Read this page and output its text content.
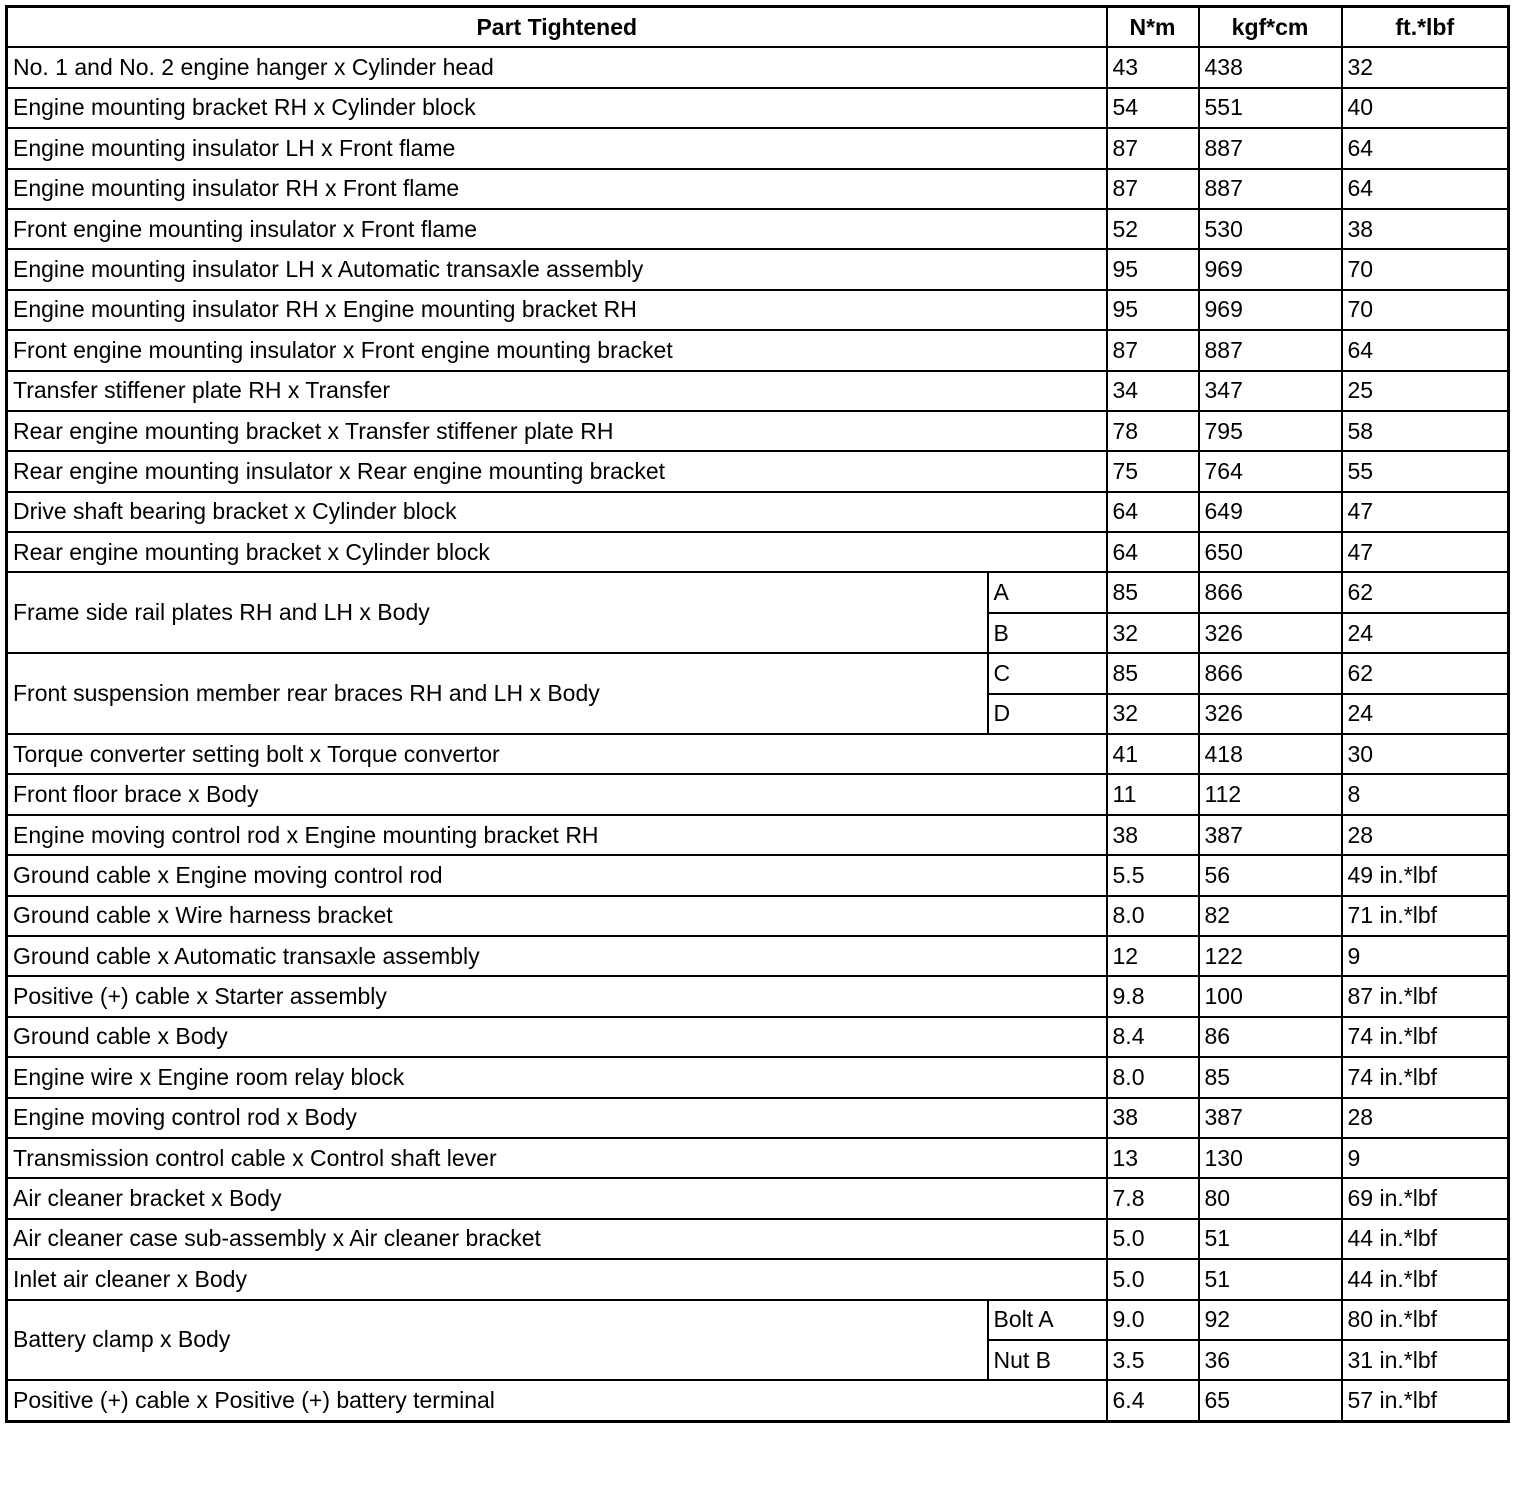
Part Tightened		N*m	kgf*cm	ft.*lbf
No. 1 and No. 2 engine hanger x Cylinder head		43	438	32
Engine mounting bracket RH x Cylinder block		54	551	40
Engine mounting insulator LH x Front flame		87	887	64
Engine mounting insulator RH x Front flame		87	887	64
Front engine mounting insulator x Front flame		52	530	38
Engine mounting insulator LH x Automatic transaxle assembly		95	969	70
Engine mounting insulator RH x Engine mounting bracket RH		95	969	70
Front engine mounting insulator x Front engine mounting bracket		87	887	64
Transfer stiffener plate RH x Transfer		34	347	25
Rear engine mounting bracket x Transfer stiffener plate RH		78	795	58
Rear engine mounting insulator x Rear engine mounting bracket		75	764	55
Drive shaft bearing bracket x Cylinder block		64	649	47
Rear engine mounting bracket x Cylinder block		64	650	47
Frame side rail plates RH and LH x Body	A	85	866	62
	B	32	326	24
Front suspension member rear braces RH and LH x Body	C	85	866	62
	D	32	326	24
Torque converter setting bolt x Torque convertor		41	418	30
Front floor brace x Body		11	112	8
Engine moving control rod x Engine mounting bracket RH		38	387	28
Ground cable x Engine moving control rod		5.5	56	49 in.*lbf
Ground cable x Wire harness bracket		8.0	82	71 in.*lbf
Ground cable x Automatic transaxle assembly		12	122	9
Positive (+) cable x Starter assembly		9.8	100	87 in.*lbf
Ground cable x Body		8.4	86	74 in.*lbf
Engine wire x Engine room relay block		8.0	85	74 in.*lbf
Engine moving control rod x Body		38	387	28
Transmission control cable x Control shaft lever		13	130	9
Air cleaner bracket x Body		7.8	80	69 in.*lbf
Air cleaner case sub-assembly x Air cleaner bracket		5.0	51	44 in.*lbf
Inlet air cleaner x Body		5.0	51	44 in.*lbf
Battery clamp x Body	Bolt A	9.0	92	80 in.*lbf
	Nut B	3.5	36	31 in.*lbf
Positive (+) cable x Positive (+) battery terminal		6.4	65	57 in.*lbf
